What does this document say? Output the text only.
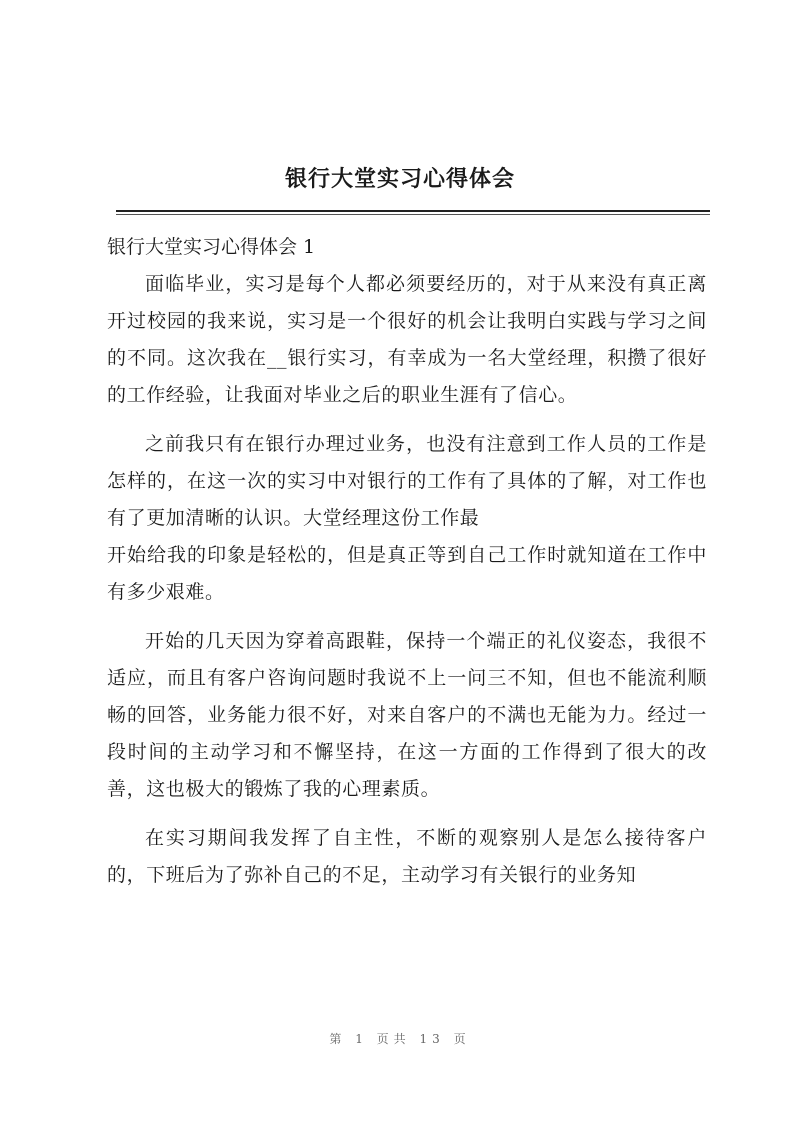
银行大堂实习心得体会

银行大堂实习心得体会 1

面临毕业，实习是每个人都必须要经历的，对于从来没有真正离开过校园的我来说，实习是一个很好的机会让我明白实践与学习之间的不同。这次我在__银行实习，有幸成为一名大堂经理，积攒了很好的工作经验，让我面对毕业之后的职业生涯有了信心。

之前我只有在银行办理过业务，也没有注意到工作人员的工作是怎样的，在这一次的实习中对银行的工作有了具体的了解，对工作也有了更加清晰的认识。大堂经理这份工作最

开始给我的印象是轻松的，但是真正等到自己工作时就知道在工作中有多少艰难。

开始的几天因为穿着高跟鞋，保持一个端正的礼仪姿态，我很不适应，而且有客户咨询问题时我说不上一问三不知，但也不能流利顺畅的回答，业务能力很不好，对来自客户的不满也无能为力。经过一段时间的主动学习和不懈坚持，在这一方面的工作得到了很大的改善，这也极大的锻炼了我的心理素质。

在实习期间我发挥了自主性，不断的观察别人是怎么接待客户的，下班后为了弥补自己的不足，主动学习有关银行的业务知

第 1 页共 13 页
